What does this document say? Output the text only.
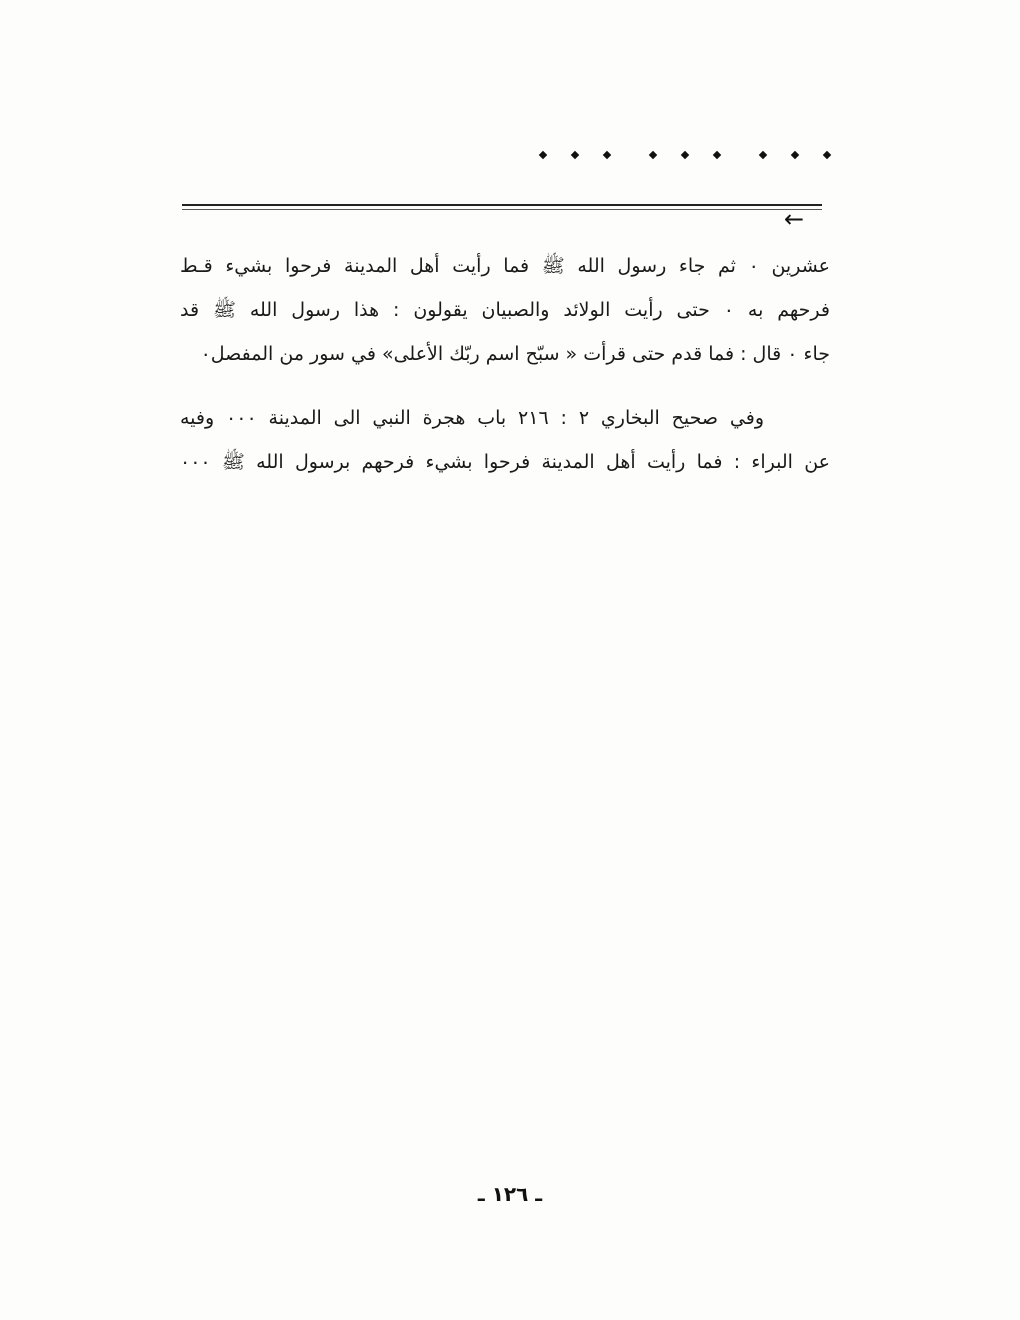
←
عشرين ٠ ثم جاء رسول الله ﷺ فما رأيت أهل المدينة فرحوا بشيء قـط
فرحهم به ٠ حتى رأيت الولائد والصبيان يقولون : هذا رسول الله ﷺ قد
جاء ٠ قال : فما قدم حتى قرأت « سبّح اسم ربّك الأعلى» في سور من المفصل٠
وفي صحيح البخاري ٢ : ٢١٦ باب هجرة النبي الى المدينة ٠٠٠ وفيه
عن البراء : فما رأيت أهل المدينة فرحوا بشيء فرحهم برسول الله ﷺ ٠٠٠
ـ ١٢٦ ـ
